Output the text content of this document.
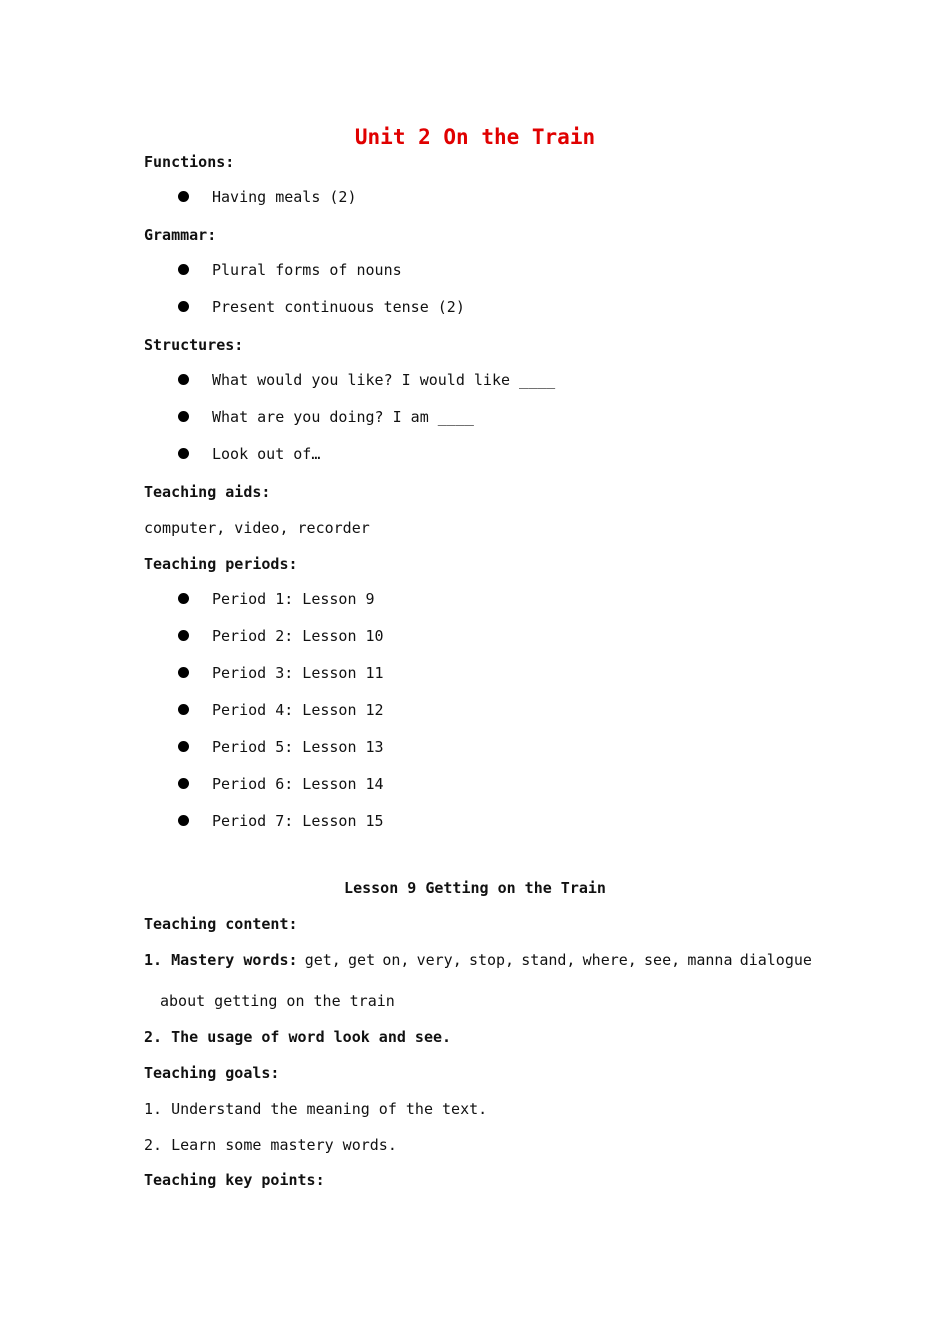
Unit 2 On the Train
Functions:
Having meals (2)
Grammar:
Plural forms of nouns
Present continuous tense (2)
Structures:
What would you like? I would like ____
What are you doing? I am ____
Look out of…
Teaching aids:
computer, video, recorder
Teaching periods:
Period 1: Lesson 9
Period 2: Lesson 10
Period 3: Lesson 11
Period 4: Lesson 12
Period 5: Lesson 13
Period 6: Lesson 14
Period 7: Lesson 15
Lesson 9 Getting on the Train
Teaching content:
1. Mastery words: get, get on, very, stop, stand, where, see, manna dialogue
about getting on the train
2. The usage of word look and see.
Teaching goals:
1. Understand the meaning of the text.
2. Learn some mastery words.
Teaching key points:
